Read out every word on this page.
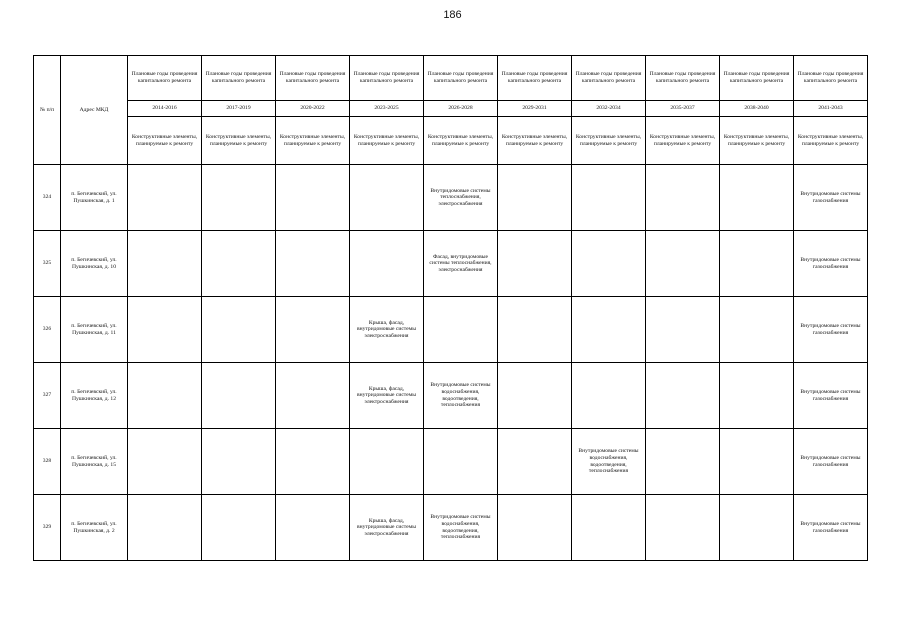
186
№ п/п	Адрес МКД	Плановые годы проведения капитального ремонта	Плановые годы проведения капитального ремонта	Плановые годы проведения капитального ремонта	Плановые годы проведения капитального ремонта	Плановые годы проведения капитального ремонта	Плановые годы проведения капитального ремонта	Плановые годы проведения капитального ремонта	Плановые годы проведения капитального ремонта	Плановые годы проведения капитального ремонта	Плановые годы проведения капитального ремонта
		2014-2016	2017-2019	2020-2022	2023-2025	2026-2028	2029-2031	2032-2034	2035-2037	2038-2040	2041-2043
		Конструктивные элементы, планируемые к ремонту	Конструктивные элементы, планируемые к ремонту	Конструктивные элементы, планируемые к ремонту	Конструктивные элементы, планируемые к ремонту	Конструктивные элементы, планируемые к ремонту	Конструктивные элементы, планируемые к ремонту	Конструктивные элементы, планируемые к ремонту	Конструктивные элементы, планируемые к ремонту	Конструктивные элементы, планируемые к ремонту	Конструктивные элементы, планируемые к ремонту
324	п. Бегичевский, ул. Пушкинская, д. 1					Внутридомовые системы теплоснабжения, электроснабжения					Внутридомовые системы газоснабжения
325	п. Бегичевский, ул. Пушкинская, д. 10					Фасад, внутридомовые системы теплоснабжения, электроснабжения					Внутридомовые системы газоснабжения
326	п. Бегичевский, ул. Пушкинская, д. 11				Крыша, фасад, внутридомовые системы электроснабжения						Внутридомовые системы газоснабжения
327	п. Бегичевский, ул. Пушкинская, д. 12				Крыша, фасад, внутридомовые системы электроснабжения	Внутридомовые системы водоснабжения, водоотведения, теплоснабжения					Внутридомовые системы газоснабжения
328	п. Бегичевский, ул. Пушкинская, д. 15							Внутридомовые системы водоснабжения, водоотведения, теплоснабжения			Внутридомовые системы газоснабжения
329	п. Бегичевский, ул. Пушкинская, д. 2				Крыша, фасад, внутридомовые системы электроснабжения	Внутридомовые системы водоснабжения, водоотведения, теплоснабжения					Внутридомовые системы газоснабжения
